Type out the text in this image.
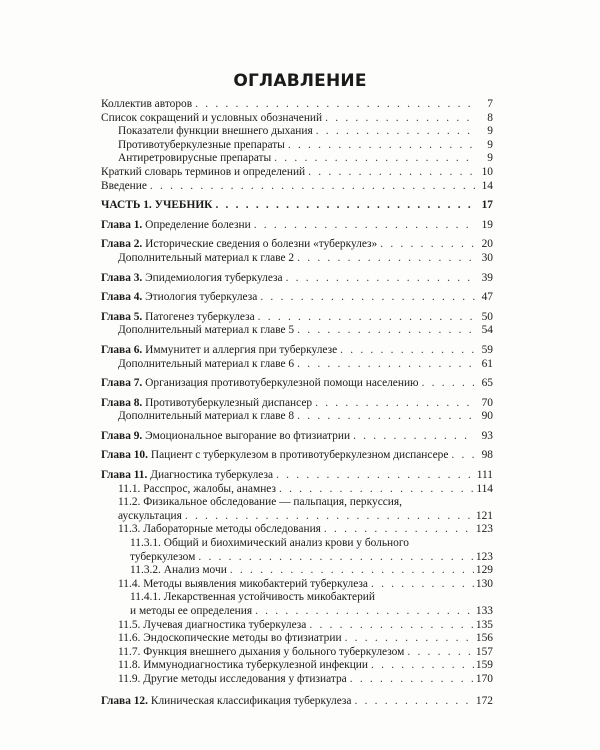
ОГЛАВЛЕНИЕ
Коллектив авторов . . .	7
Список сокращений и условных обозначений . . .	8
Показатели функции внешнего дыхания . . .	9
Противотуберкулезные препараты . . .	9
Антиретровирусные препараты . . .	9
Краткий словарь терминов и определений . . .	10
Введение . . .	14
ЧАСТЬ 1. УЧЕБНИК . . .	17
Глава 1. Определение болезни . . .	19
Глава 2. Исторические сведения о болезни «туберкулез» . . .	20
Дополнительный материал к главе 2 . . .	30
Глава 3. Эпидемиология туберкулеза . . .	39
Глава 4. Этиология туберкулеза . . .	47
Глава 5. Патогенез туберкулеза . . .	50
Дополнительный материал к главе 5 . . .	54
Глава 6. Иммунитет и аллергия при туберкулезе . . .	59
Дополнительный материал к главе 6 . . .	61
Глава 7. Организация противотуберкулезной помощи населению . . .	65
Глава 8. Противотуберкулезный диспансер . . .	70
Дополнительный материал к главе 8 . . .	90
Глава 9. Эмоциональное выгорание во фтизиатрии . . .	93
Глава 10. Пациент с туберкулезом в противотуберкулезном диспансере . . .	98
Глава 11. Диагностика туберкулеза . . .	111
11.1. Расспрос, жалобы, анамнез . . .	114
11.2. Физикальное обследование — пальпация, перкуссия,
аускультация . . .	121
11.3. Лабораторные методы обследования . . .	123
11.3.1. Общий и биохимический анализ крови у больного
туберкулезом . . .	123
11.3.2. Анализ мочи . . .	129
11.4. Методы выявления микобактерий туберкулеза . . .	130
11.4.1. Лекарственная устойчивость микобактерий
и методы ее определения . . .	133
11.5. Лучевая диагностика туберкулеза . . .	135
11.6. Эндоскопические методы во фтизиатрии . . .	156
11.7. Функция внешнего дыхания у больного туберкулезом . . .	157
11.8. Иммунодиагностика туберкулезной инфекции . . .	159
11.9. Другие методы исследования у фтизиатра . . .	170
Глава 12. Клиническая классификация туберкулеза . . .	172
